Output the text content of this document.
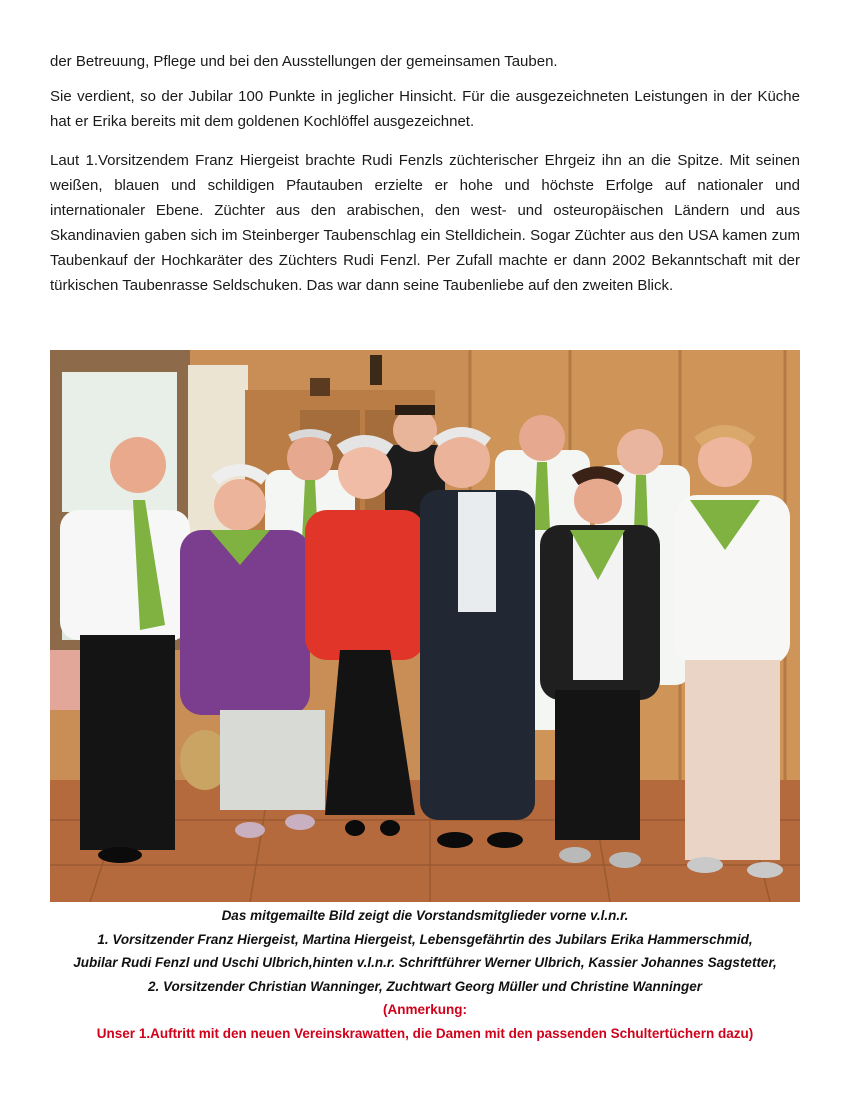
der Betreuung, Pflege und bei den Ausstellungen der gemeinsamen Tauben.

Sie verdient, so der Jubilar 100 Punkte in jeglicher Hinsicht. Für die ausgezeichneten Leistungen in der Küche hat er Erika bereits mit dem goldenen Kochlöffel ausgezeichnet.

Laut 1.Vorsitzendem Franz Hiergeist brachte Rudi Fenzls züchterischer Ehrgeiz ihn an die Spitze. Mit seinen weißen, blauen und schildigen Pfautauben erzielte er hohe und höchste Erfolge auf nationaler und internationaler Ebene. Züchter aus den arabischen, den west- und osteuropäischen Ländern und aus Skandinavien gaben sich im Steinberger Taubenschlag ein Stelldichein. Sogar Züchter aus den USA kamen zum Taubenkauf der Hochkaräter des Züchters Rudi Fenzl. Per Zufall machte er dann 2002 Bekanntschaft mit der türkischen Taubenrasse Seldschuken. Das war dann seine Taubenliebe auf den zweiten Blick.

Das mitgemailte Bild zeigt die Vorstandsmitglieder vorne v.l.n.r.
1. Vorsitzender Franz Hiergeist, Martina Hiergeist, Lebensgefährtin des Jubilars Erika Hammerschmid,
Jubilar Rudi Fenzl und Uschi Ulbrich,hinten v.l.n.r. Schriftführer Werner Ulbrich, Kassier Johannes Sagstetter,
2. Vorsitzender Christian Wanninger, Zuchtwart Georg Müller und Christine Wanninger
(Anmerkung:
Unser 1.Auftritt mit den neuen Vereinskrawatten, die Damen mit den passenden Schultertüchern dazu)
